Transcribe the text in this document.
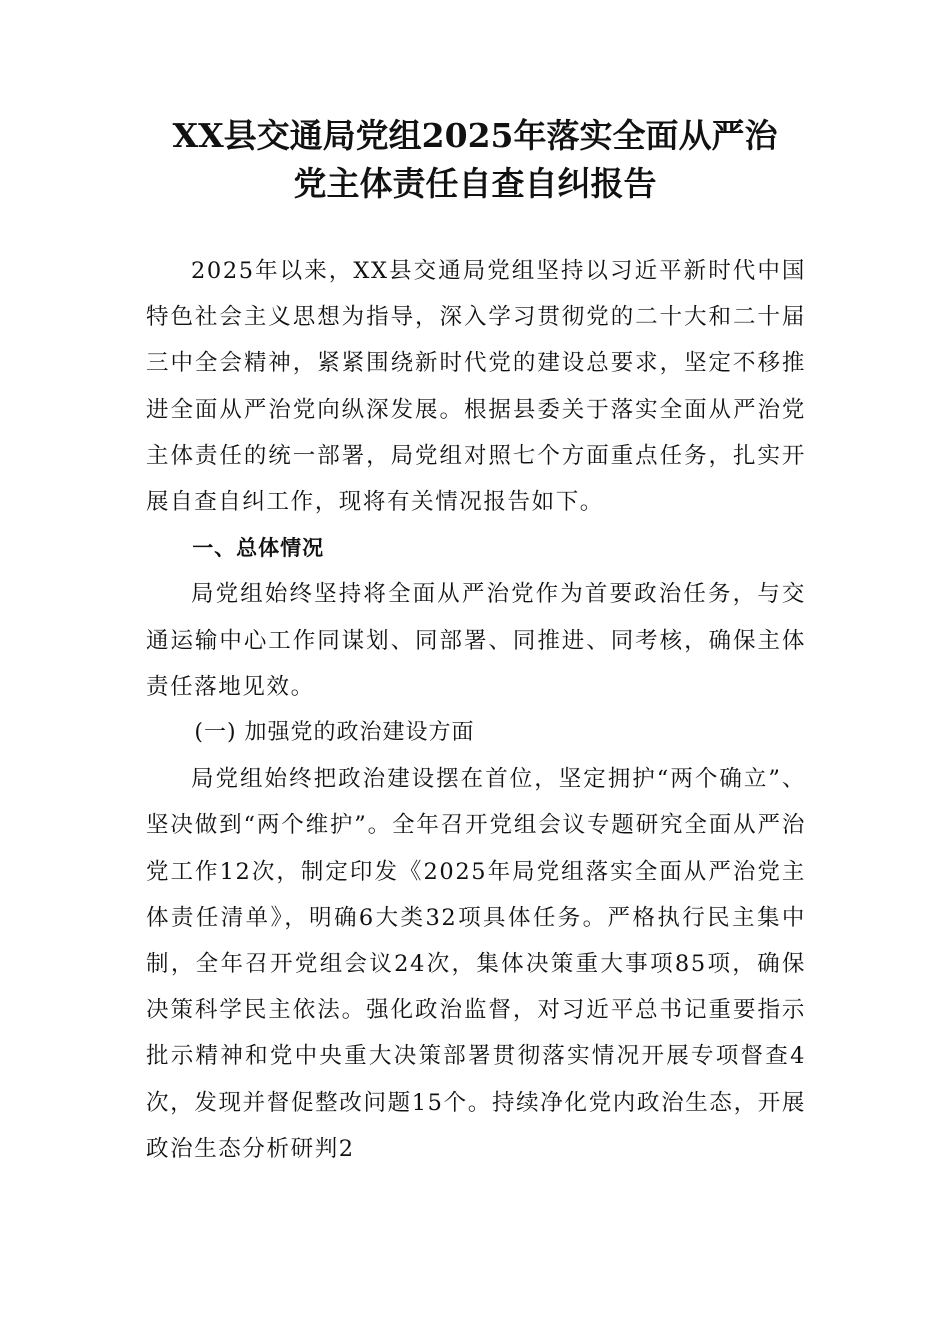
XX县交通局党组2025年落实全面从严治
党主体责任自查自纠报告

2025年以来，XX县交通局党组坚持以习近平新时代中国特色社会主义思想为指导，深入学习贯彻党的二十大和二十届三中全会精神，紧紧围绕新时代党的建设总要求，坚定不移推进全面从严治党向纵深发展。根据县委关于落实全面从严治党主体责任的统一部署，局党组对照七个方面重点任务，扎实开展自查自纠工作，现将有关情况报告如下。

一、总体情况

局党组始终坚持将全面从严治党作为首要政治任务，与交通运输中心工作同谋划、同部署、同推进、同考核，确保主体责任落地见效。

(一) 加强党的政治建设方面

局党组始终把政治建设摆在首位，坚定拥护“两个确立”、坚决做到“两个维护”。全年召开党组会议专题研究全面从严治党工作12次，制定印发《2025年局党组落实全面从严治党主体责任清单》，明确6大类32项具体任务。严格执行民主集中制，全年召开党组会议24次，集体决策重大事项85项，确保决策科学民主依法。强化政治监督，对习近平总书记重要指示批示精神和党中央重大决策部署贯彻落实情况开展专项督查4次，发现并督促整改问题15个。持续净化党内政治生态，开展政治生态分析研判2
